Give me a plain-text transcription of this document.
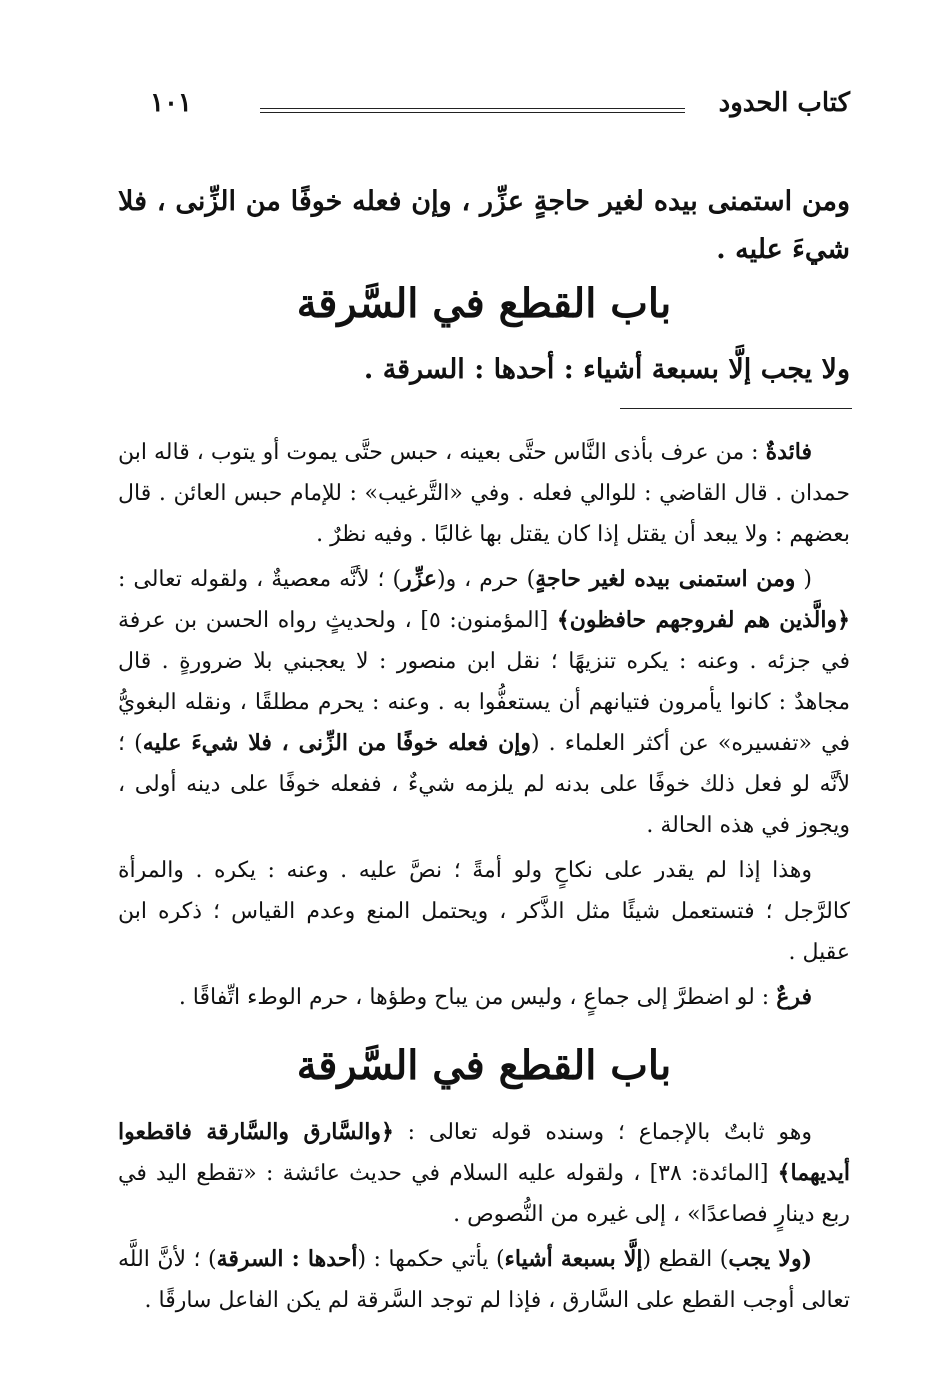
كتاب الحدود
١٠١
ومن استمنى بيده لغير حاجةٍ عزِّر ، وإن فعله خوفًا من الزِّنى ، فلا شيءَ عليه .
باب القطع في السَّرقة
ولا يجب إلَّا بسبعة أشياء : أحدها : السرقة .

فائدةٌ : من عرف بأذى النَّاس حتَّى بعينه ، حبس حتَّى يموت أو يتوب ، قاله ابن حمدان . قال القاضي : للوالي فعله . وفي «التَّرغيب» : للإمام حبس العائن . قال بعضهم : ولا يبعد أن يقتل إذا كان يقتل بها غالبًا . وفيه نظرٌ .

( ومن استمنى بيده لغير حاجةٍ) حرم ، و(عزِّر) ؛ لأنَّه معصيةٌ ، ولقوله تعالى : ﴿والَّذين هم لفروجهم حافظون﴾ [المؤمنون: ٥] ، ولحديثٍ رواه الحسن بن عرفة في جزئه . وعنه : يكره تنزيهًا ؛ نقل ابن منصور : لا يعجبني بلا ضرورةٍ . قال مجاهدٌ : كانوا يأمرون فتيانهم أن يستعفُّوا به . وعنه : يحرم مطلقًا ، ونقله البغويُّ في «تفسيره» عن أكثر العلماء . (وإن فعله خوفًا من الزِّنى ، فلا شيءَ عليه) ؛ لأنَّه لو فعل ذلك خوفًا على بدنه لم يلزمه شيءٌ ، ففعله خوفًا على دينه أولى ، ويجوز في هذه الحالة .

وهذا إذا لم يقدر على نكاحٍ ولو أمةً ؛ نصَّ عليه . وعنه : يكره . والمرأة كالرَّجل ؛ فتستعمل شيئًا مثل الذَّكر ، ويحتمل المنع وعدم القياس ؛ ذكره ابن عقيل .

فرعٌ : لو اضطرَّ إلى جماعٍ ، وليس من يباح وطؤها ، حرم الوطء اتِّفاقًا .

باب القطع في السَّرقة

وهو ثابتٌ بالإجماع ؛ وسنده قوله تعالى : ﴿والسَّارق والسَّارقة فاقطعوا أيديهما﴾ [المائدة: ٣٨] ، ولقوله عليه السلام في حديث عائشة : «تقطع اليد في ربع دينارٍ فصاعدًا» ، إلى غيره من النُّصوص .

(ولا يجب) القطع (إلَّا بسبعة أشياء) يأتي حكمها : (أحدها : السرقة) ؛ لأنَّ اللَّه تعالى أوجب القطع على السَّارق ، فإذا لم توجد السَّرقة لم يكن الفاعل سارقًا .
